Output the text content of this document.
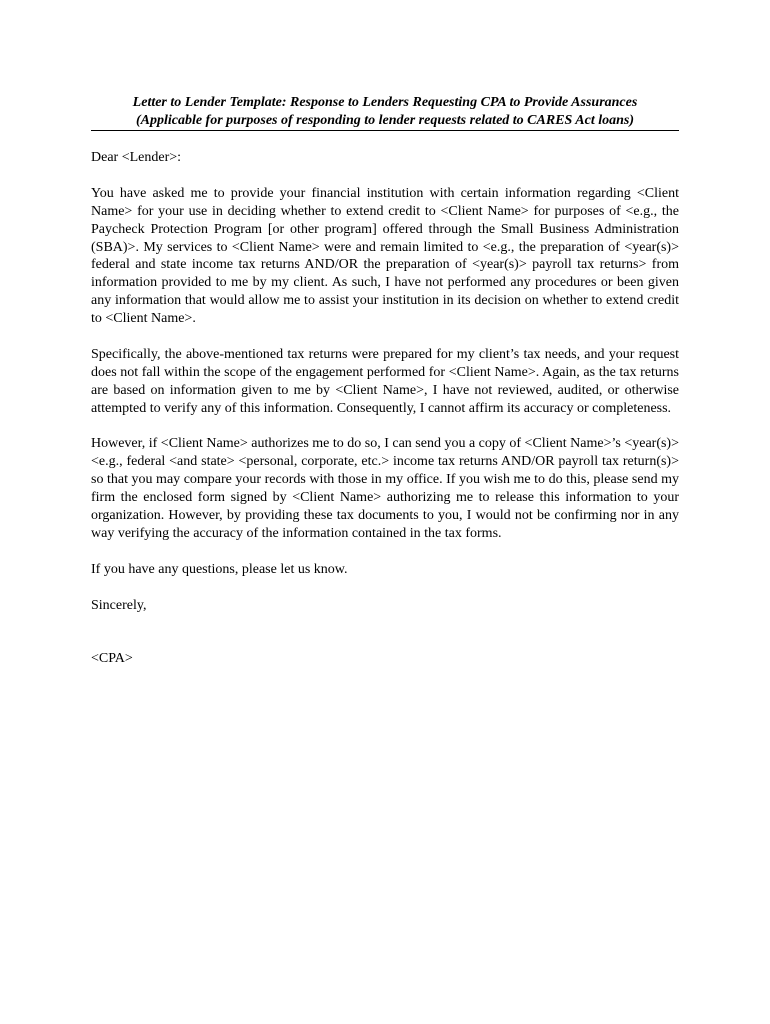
Letter to Lender Template: Response to Lenders Requesting CPA to Provide Assurances
(Applicable for purposes of responding to lender requests related to CARES Act loans)

Dear <Lender>:

You have asked me to provide your financial institution with certain information regarding <Client Name> for your use in deciding whether to extend credit to <Client Name> for purposes of <e.g., the Paycheck Protection Program [or other program] offered through the Small Business Administration (SBA)>. My services to <Client Name> were and remain limited to <e.g., the preparation of <year(s)> federal and state income tax returns AND/OR the preparation of <year(s)> payroll tax returns> from information provided to me by my client. As such, I have not performed any procedures or been given any information that would allow me to assist your institution in its decision on whether to extend credit to <Client Name>.

Specifically, the above-mentioned tax returns were prepared for my client’s tax needs, and your request does not fall within the scope of the engagement performed for <Client Name>. Again, as the tax returns are based on information given to me by <Client Name>, I have not reviewed, audited, or otherwise attempted to verify any of this information. Consequently, I cannot affirm its accuracy or completeness.

However, if <Client Name> authorizes me to do so, I can send you a copy of <Client Name>’s <year(s)> <e.g., federal <and state> <personal, corporate, etc.> income tax returns AND/OR payroll tax return(s)> so that you may compare your records with those in my office. If you wish me to do this, please send my firm the enclosed form signed by <Client Name> authorizing me to release this information to your organization. However, by providing these tax documents to you, I would not be confirming nor in any way verifying the accuracy of the information contained in the tax forms.

If you have any questions, please let us know.

Sincerely,

<CPA>
